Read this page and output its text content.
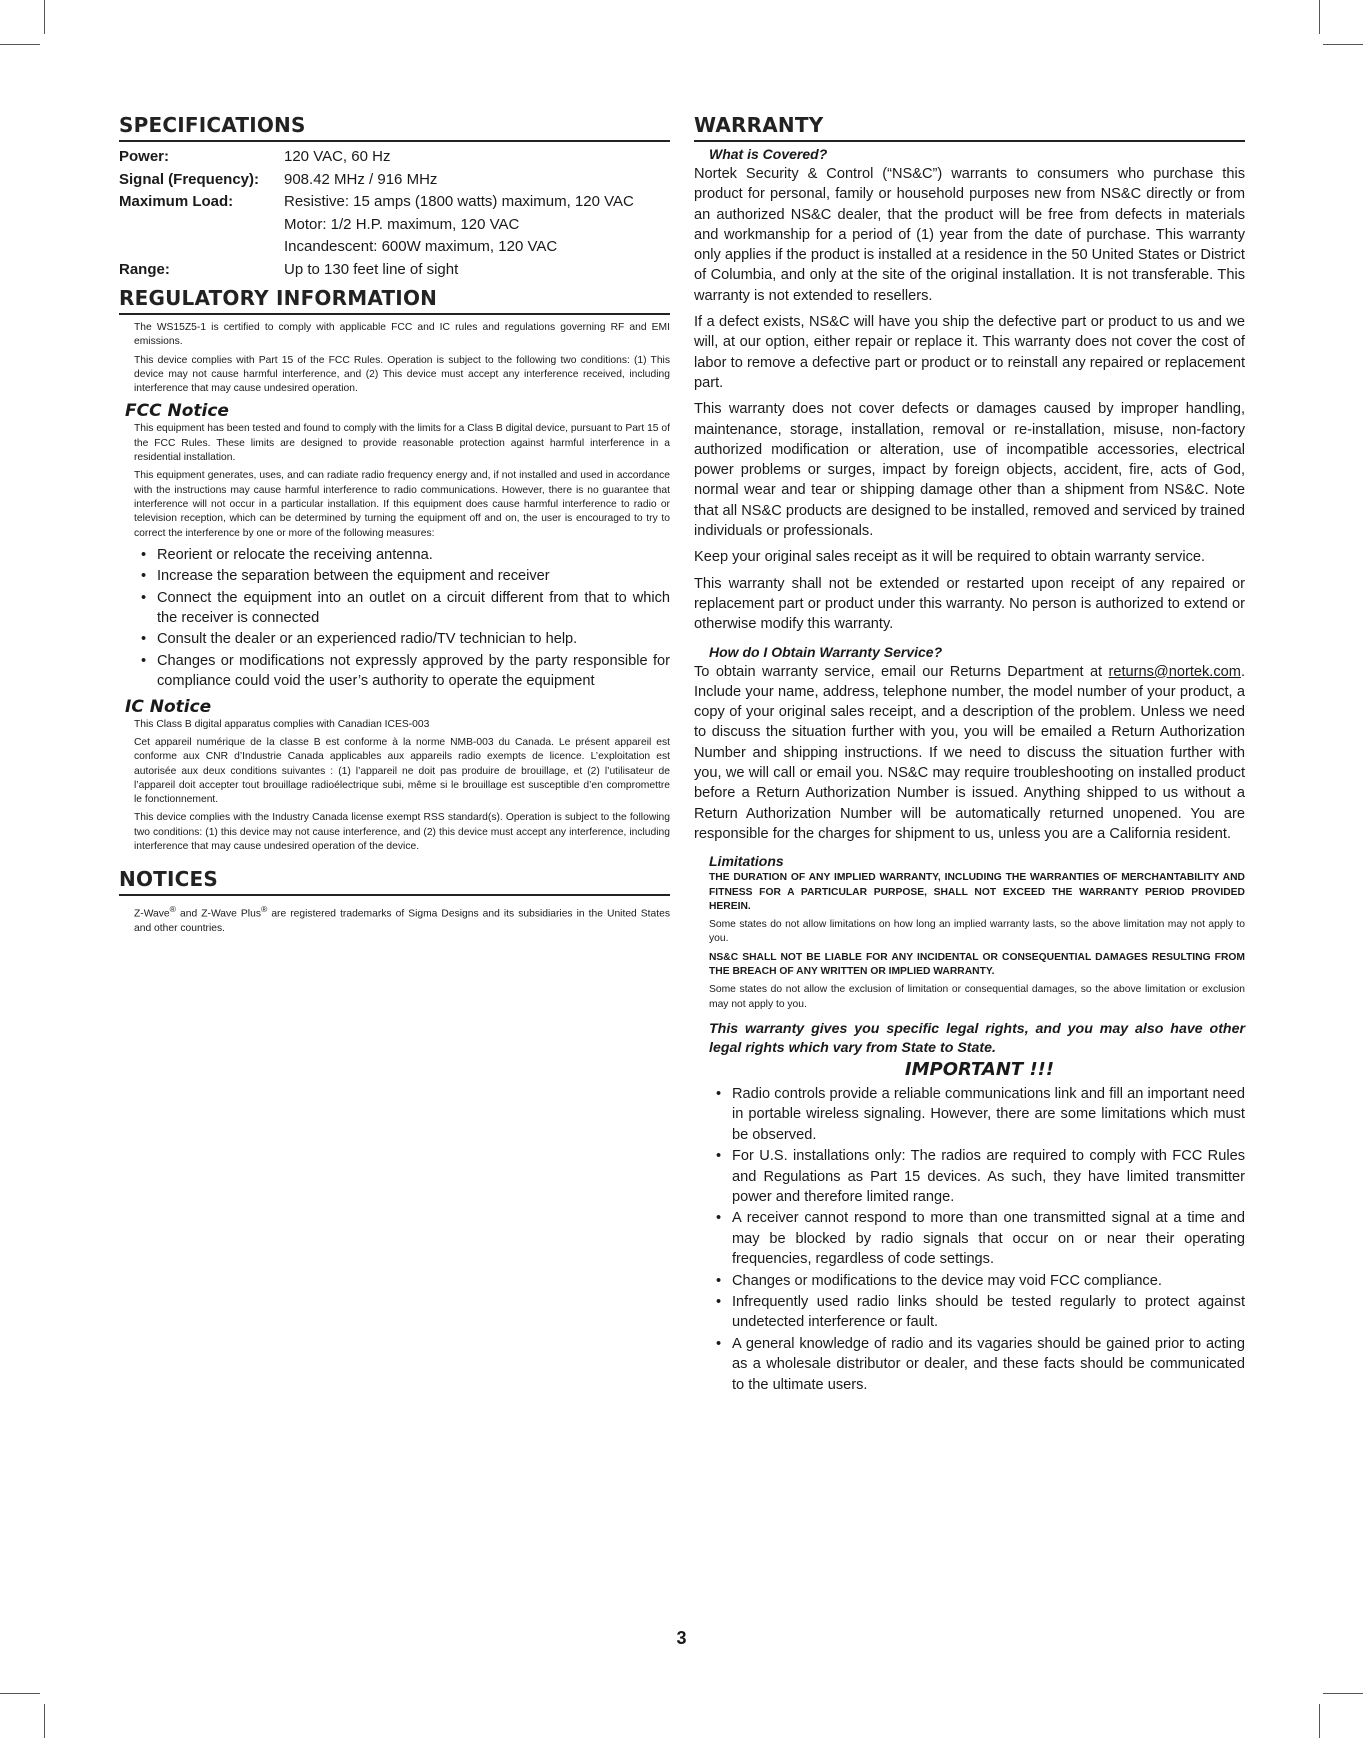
SPECIFICATIONS
Power:	120 VAC, 60 Hz
Signal (Frequency):	908.42 MHz / 916 MHz
Maximum Load:	Resistive: 15 amps (1800 watts) maximum, 120 VAC
Motor: 1/2 H.P. maximum, 120 VAC
Incandescent: 600W maximum, 120 VAC
Range:	Up to 130 feet line of sight
REGULATORY INFORMATION

The WS15Z5-1 is certified to comply with applicable FCC and IC rules and regulations governing RF and EMI emissions.

This device complies with Part 15 of the FCC Rules. Operation is subject to the following two conditions: (1) This device may not cause harmful interference, and (2) This device must accept any interference received, including interference that may cause undesired operation.

FCC Notice

This equipment has been tested and found to comply with the limits for a Class B digital device, pursuant to Part 15 of the FCC Rules. These limits are designed to provide reasonable protection against harmful interference in a residential installation.

This equipment generates, uses, and can radiate radio frequency energy and, if not installed and used in accordance with the instructions may cause harmful interference to radio communications. However, there is no guarantee that interference will not occur in a particular installation. If this equipment does cause harmful interference to radio or television reception, which can be determined by turning the equipment off and on, the user is encouraged to try to correct the interference by one or more of the following measures:

• Reorient or relocate the receiving antenna.
• Increase the separation between the equipment and receiver
• Connect the equipment into an outlet on a circuit different from that to which the receiver is connected
• Consult the dealer or an experienced radio/TV technician to help.
• Changes or modifications not expressly approved by the party responsible for compliance could void the user’s authority to operate the equipment
IC Notice

This Class B digital apparatus complies with Canadian ICES-003

Cet appareil numérique de la classe B est conforme à la norme NMB-003 du Canada. Le présent appareil est conforme aux CNR d’Industrie Canada applicables aux appareils radio exempts de licence. L’exploitation est autorisée aux deux conditions suivantes : (1) l’appareil ne doit pas produire de brouillage, et (2) l’utilisateur de l’appareil doit accepter tout brouillage radioélectrique subi, même si le brouillage est susceptible d’en compromettre le fonctionnement.

This device complies with the Industry Canada license exempt RSS standard(s). Operation is subject to the following two conditions: (1) this device may not cause interference, and (2) this device must accept any interference, including interference that may cause undesired operation of the device.

NOTICES

Z-Wave® and Z-Wave Plus® are registered trademarks of Sigma Designs and its subsidiaries in the United States and other countries.

WARRANTY
What is Covered?

Nortek Security & Control (“NS&C”) warrants to consumers who purchase this product for personal, family or household purposes new from NS&C directly or from an authorized NS&C dealer, that the product will be free from defects in materials and workmanship for a period of (1) year from the date of purchase. This warranty only applies if the product is installed at a residence in the 50 United States or District of Columbia, and only at the site of the original installation. It is not transferable. This warranty is not extended to resellers.

If a defect exists, NS&C will have you ship the defective part or product to us and we will, at our option, either repair or replace it. This warranty does not cover the cost of labor to remove a defective part or product or to reinstall any repaired or replacement part.

This warranty does not cover defects or damages caused by improper handling, maintenance, storage, installation, removal or re-installation, misuse, non-factory authorized modification or alteration, use of incompatible accessories, electrical power problems or surges, impact by foreign objects, accident, fire, acts of God, normal wear and tear or shipping damage other than a shipment from NS&C. Note that all NS&C products are designed to be installed, removed and serviced by trained individuals or professionals.

Keep your original sales receipt as it will be required to obtain warranty service.

This warranty shall not be extended or restarted upon receipt of any repaired or replacement part or product under this warranty. No person is authorized to extend or otherwise modify this warranty.

How do I Obtain Warranty Service?

To obtain warranty service, email our Returns Department at returns@nortek.com. Include your name, address, telephone number, the model number of your product, a copy of your original sales receipt, and a description of the problem. Unless we need to discuss the situation further with you, you will be emailed a Return Authorization Number and shipping instructions. If we need to discuss the situation further with you, we will call or email you. NS&C may require troubleshooting on installed product before a Return Authorization Number is issued. Anything shipped to us without a Return Authorization Number will be automatically returned unopened. You are responsible for the charges for shipment to us, unless you are a California resident.

Limitations

THE DURATION OF ANY IMPLIED WARRANTY, INCLUDING THE WARRANTIES OF MERCHANTABILITY AND FITNESS FOR A PARTICULAR PURPOSE, SHALL NOT EXCEED THE WARRANTY PERIOD PROVIDED HEREIN.

Some states do not allow limitations on how long an implied warranty lasts, so the above limitation may not apply to you.

NS&C SHALL NOT BE LIABLE FOR ANY INCIDENTAL OR CONSEQUENTIAL DAMAGES RESULTING FROM THE BREACH OF ANY WRITTEN OR IMPLIED WARRANTY.

Some states do not allow the exclusion of limitation or consequential damages, so the above limitation or exclusion may not apply to you.

This warranty gives you specific legal rights, and you may also have other legal rights which vary from State to State.

IMPORTANT !!!
• Radio controls provide a reliable communications link and fill an important need in portable wireless signaling. However, there are some limitations which must be observed.
• For U.S. installations only: The radios are required to comply with FCC Rules and Regulations as Part 15 devices. As such, they have limited transmitter power and therefore limited range.
• A receiver cannot respond to more than one transmitted signal at a time and may be blocked by radio signals that occur on or near their operating frequencies, regardless of code settings.
• Changes or modifications to the device may void FCC compliance.
• Infrequently used radio links should be tested regularly to protect against undetected interference or fault.
• A general knowledge of radio and its vagaries should be gained prior to acting as a wholesale distributor or dealer, and these facts should be communicated to the ultimate users.
3
